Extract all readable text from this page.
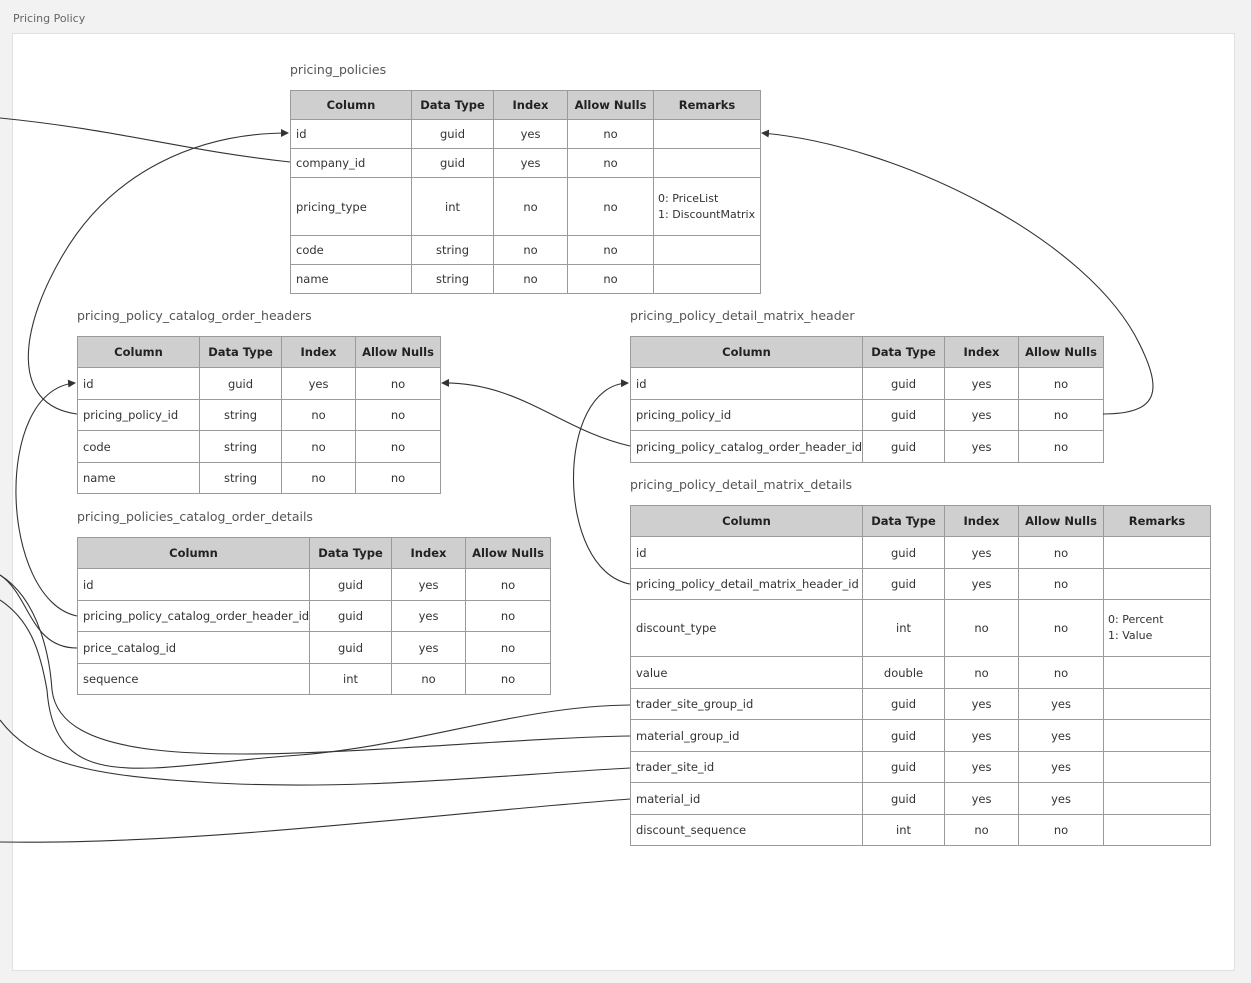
Pricing Policy
pricing_policies
Column	Data Type	Index	Allow Nulls	Remarks
id	guid	yes	no	
company_id	guid	yes	no	
pricing_type	int	no	no	0: PriceList
1: DiscountMatrix
code	string	no	no	
name	string	no	no	
pricing_policy_catalog_order_headers
Column	Data Type	Index	Allow Nulls
id	guid	yes	no
pricing_policy_id	string	no	no
code	string	no	no
name	string	no	no
pricing_policies_catalog_order_details
Column	Data Type	Index	Allow Nulls
id	guid	yes	no
pricing_policy_catalog_order_header_id	guid	yes	no
price_catalog_id	guid	yes	no
sequence	int	no	no
pricing_policy_detail_matrix_header
Column	Data Type	Index	Allow Nulls
id	guid	yes	no
pricing_policy_id	guid	yes	no
pricing_policy_catalog_order_header_id	guid	yes	no
pricing_policy_detail_matrix_details
Column	Data Type	Index	Allow Nulls	Remarks
id	guid	yes	no	
pricing_policy_detail_matrix_header_id	guid	yes	no	
discount_type	int	no	no	0: Percent
1: Value
value	double	no	no	
trader_site_group_id	guid	yes	yes	
material_group_id	guid	yes	yes	
trader_site_id	guid	yes	yes	
material_id	guid	yes	yes	
discount_sequence	int	no	no	
